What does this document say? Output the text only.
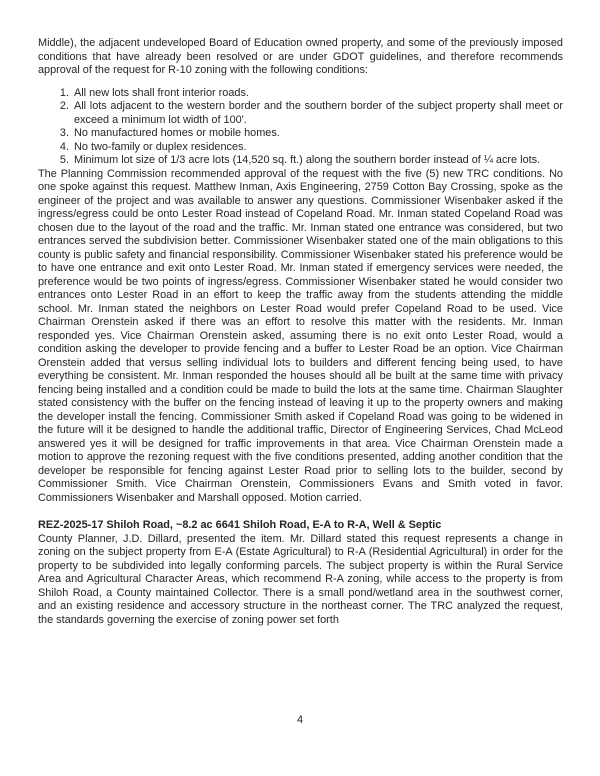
Middle), the adjacent undeveloped Board of Education owned property, and some of the previously imposed conditions that have already been resolved or are under GDOT guidelines, and therefore recommends approval of the request for R-10 zoning with the following conditions:

1. All new lots shall front interior roads.
2. All lots adjacent to the western border and the southern border of the subject property shall meet or exceed a minimum lot width of 100'.
3. No manufactured homes or mobile homes.
4. No two-family or duplex residences.
5. Minimum lot size of 1/3 acre lots (14,520 sq. ft.) along the southern border instead of ¼ acre lots.

The Planning Commission recommended approval of the request with the five (5) new TRC conditions. No one spoke against this request. Matthew Inman, Axis Engineering, 2759 Cotton Bay Crossing, spoke as the engineer of the project and was available to answer any questions. Commissioner Wisenbaker asked if the ingress/egress could be onto Lester Road instead of Copeland Road. Mr. Inman stated Copeland Road was chosen due to the layout of the road and the traffic. Mr. Inman stated one entrance was considered, but two entrances served the subdivision better. Commissioner Wisenbaker stated one of the main obligations to this county is public safety and financial responsibility. Commissioner Wisenbaker stated his preference would be to have one entrance and exit onto Lester Road. Mr. Inman stated if emergency services were needed, the preference would be two points of ingress/egress. Commissioner Wisenbaker stated he would consider two entrances onto Lester Road in an effort to keep the traffic away from the students attending the middle school. Mr. Inman stated the neighbors on Lester Road would prefer Copeland Road to be used. Vice Chairman Orenstein asked if there was an effort to resolve this matter with the residents. Mr. Inman responded yes. Vice Chairman Orenstein asked, assuming there is no exit onto Lester Road, would a condition asking the developer to provide fencing and a buffer to Lester Road be an option. Vice Chairman Orenstein added that versus selling individual lots to builders and different fencing being used, to have everything be consistent. Mr. Inman responded the houses should all be built at the same time with privacy fencing being installed and a condition could be made to build the lots at the same time. Chairman Slaughter stated consistency with the buffer on the fencing instead of leaving it up to the property owners and making the developer install the fencing. Commissioner Smith asked if Copeland Road was going to be widened in the future will it be designed to handle the additional traffic, Director of Engineering Services, Chad McLeod answered yes it will be designed for traffic improvements in that area. Vice Chairman Orenstein made a motion to approve the rezoning request with the five conditions presented, adding another condition that the developer be responsible for fencing against Lester Road prior to selling lots to the builder, second by Commissioner Smith. Vice Chairman Orenstein, Commissioners Evans and Smith voted in favor. Commissioners Wisenbaker and Marshall opposed. Motion carried.

REZ-2025-17 Shiloh Road, ~8.2 ac 6641 Shiloh Road, E-A to R-A, Well & Septic

County Planner, J.D. Dillard, presented the item. Mr. Dillard stated this request represents a change in zoning on the subject property from E-A (Estate Agricultural) to R-A (Residential Agricultural) in order for the property to be subdivided into legally conforming parcels. The subject property is within the Rural Service Area and Agricultural Character Areas, which recommend R-A zoning, while access to the property is from Shiloh Road, a County maintained Collector. There is a small pond/wetland area in the southwest corner, and an existing residence and accessory structure in the northeast corner. The TRC analyzed the request, the standards governing the exercise of zoning power set forth

4
